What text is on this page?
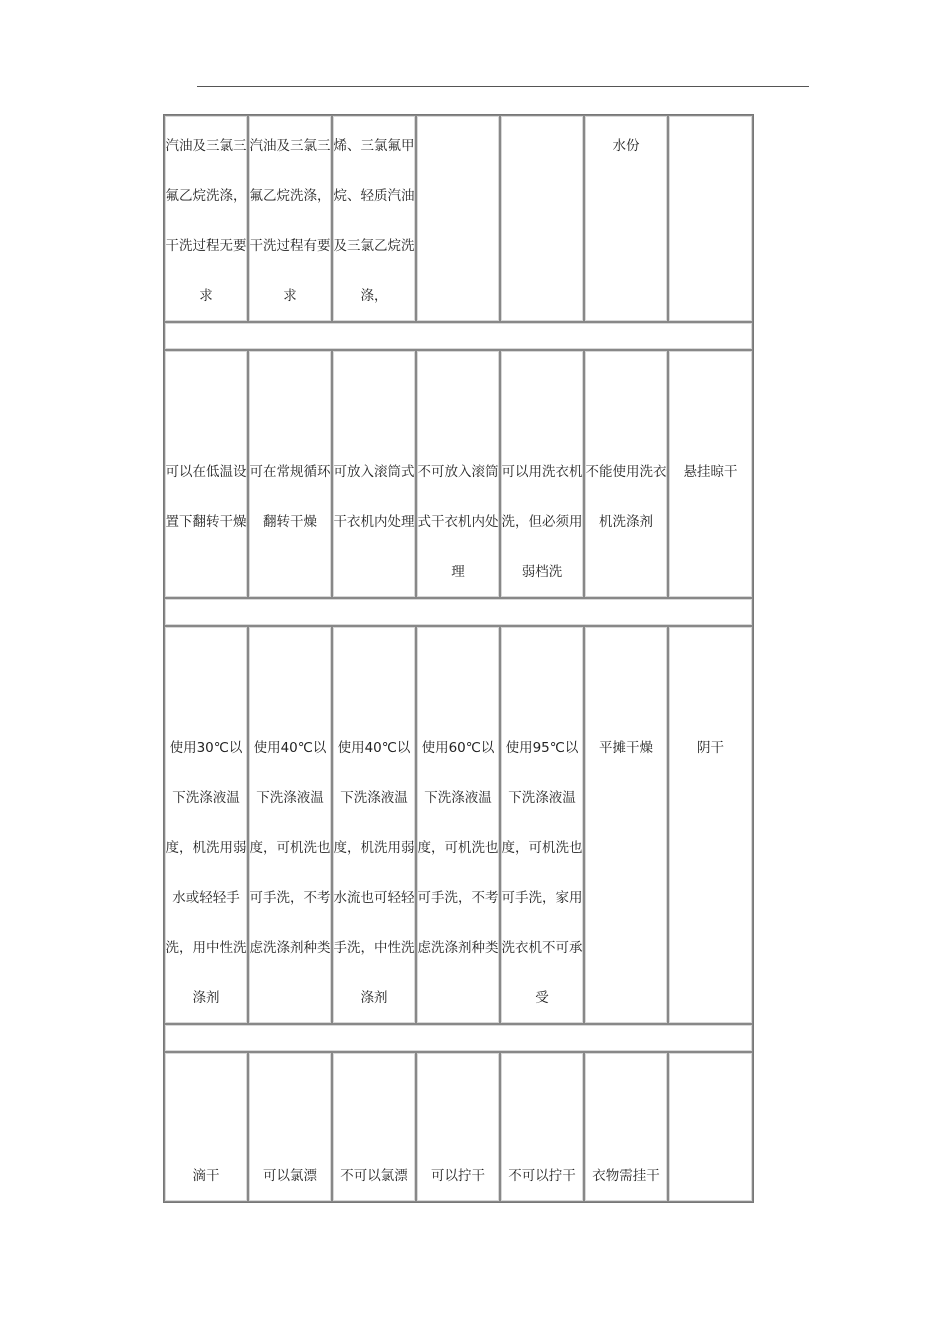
汽油及三氯三氟乙烷洗涤，干洗过程无要求	汽油及三氯三氟乙烷洗涤，干洗过程有要求	烯、三氯氟甲烷、轻质汽油及三氯乙烷洗涤，			水份	

可以在低温设置下翻转干燥	可在常规循环翻转干燥	可放入滚筒式干衣机内处理	不可放入滚筒式干衣机内处理	可以用洗衣机洗，但必须用弱档洗	不能使用洗衣机洗涤剂	悬挂晾干

使用30℃以下洗涤液温度，机洗用弱水或轻轻手洗，用中性洗涤剂	使用40℃以下洗涤液温度，可机洗也可手洗，不考虑洗涤剂种类	使用40℃以下洗涤液温度，机洗用弱水流也可轻轻手洗，中性洗涤剂	使用60℃以下洗涤液温度，可机洗也可手洗，不考虑洗涤剂种类	使用95℃以下洗涤液温度，可机洗也可手洗，家用洗衣机不可承受	平摊干燥	阴干

滴干	可以氯漂	不可以氯漂	可以拧干	不可以拧干	衣物需挂干	
